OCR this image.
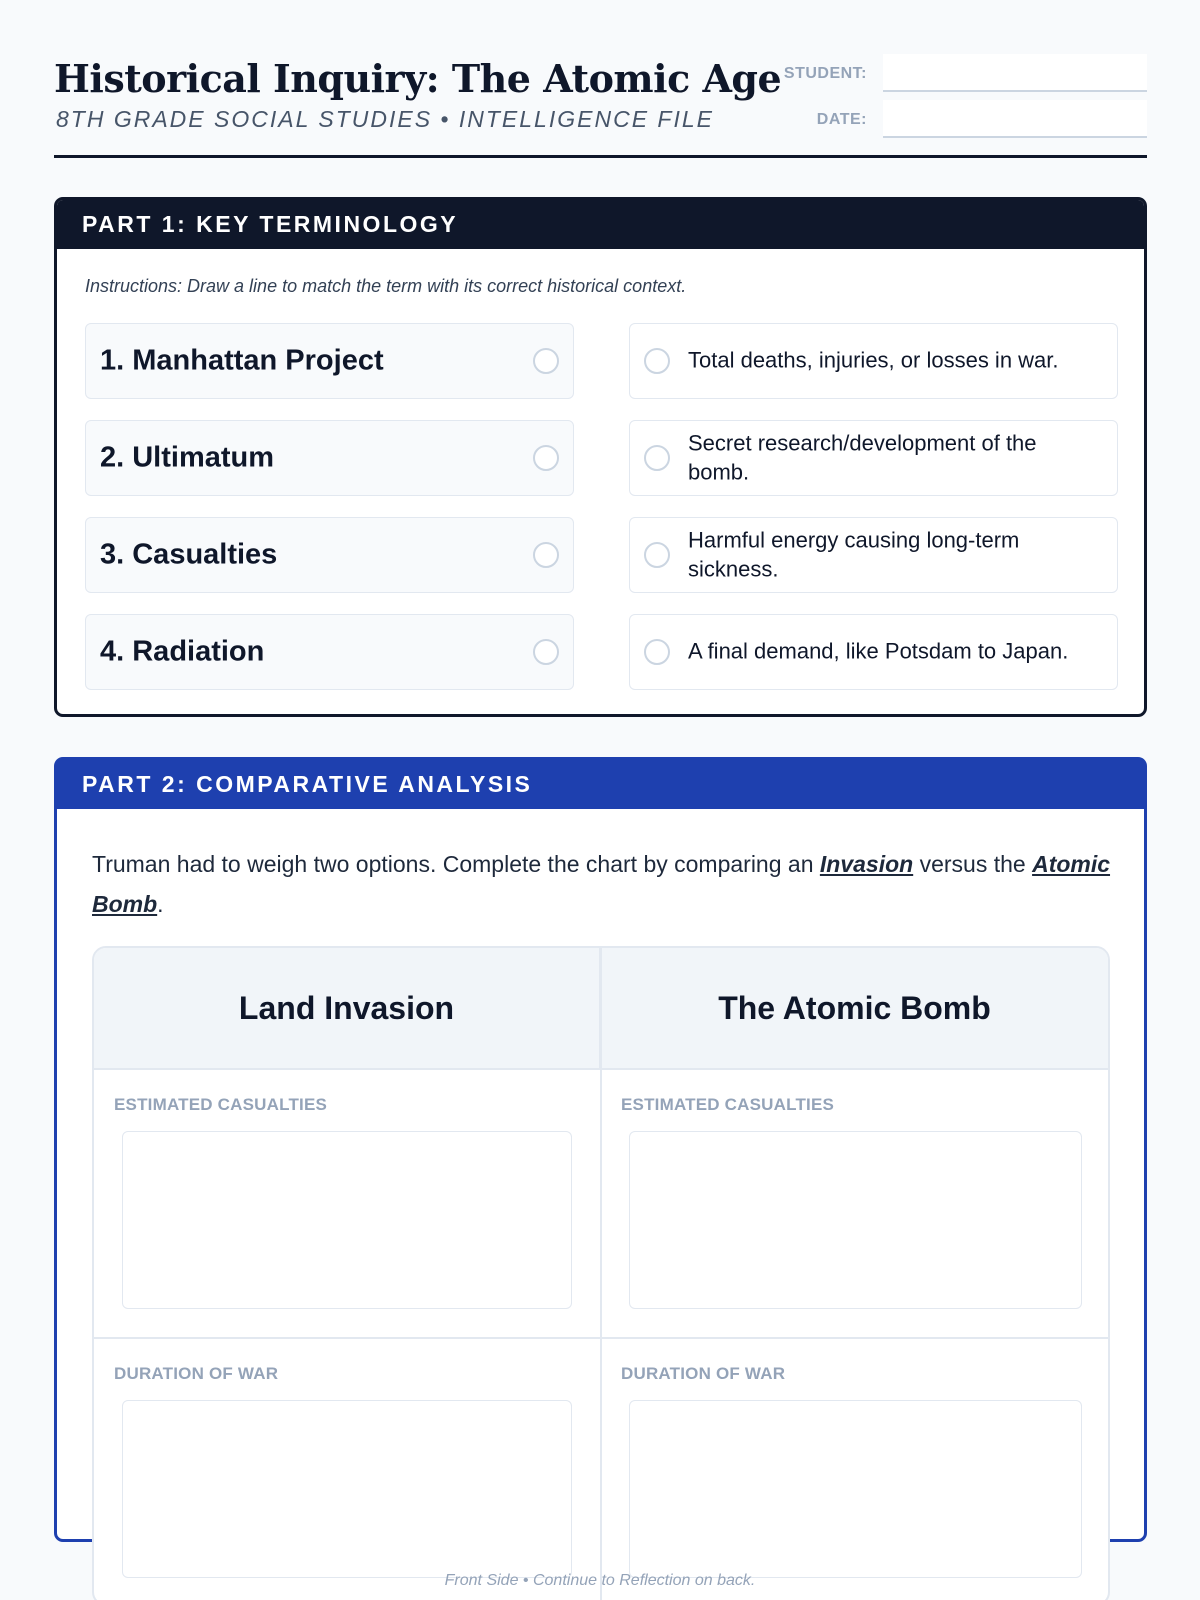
Historical Inquiry: The Atomic Age
8TH GRADE SOCIAL STUDIES • INTELLIGENCE FILE
STUDENT:
DATE:
PART 1: KEY TERMINOLOGY
Instructions: Draw a line to match the term with its correct historical context.
1. Manhattan Project
2. Ultimatum
3. Casualties
4. Radiation
Total deaths, injuries, or losses in war.
Secret research/development of the bomb.
Harmful energy causing long-term sickness.
A final demand, like Potsdam to Japan.
PART 2: COMPARATIVE ANALYSIS
Truman had to weigh two options. Complete the chart by comparing an Invasion versus the Atomic Bomb.
Land Invasion	The Atomic Bomb
ESTIMATED CASUALTIES	ESTIMATED CASUALTIES
DURATION OF WAR	DURATION OF WAR
Front Side • Continue to Reflection on back.
